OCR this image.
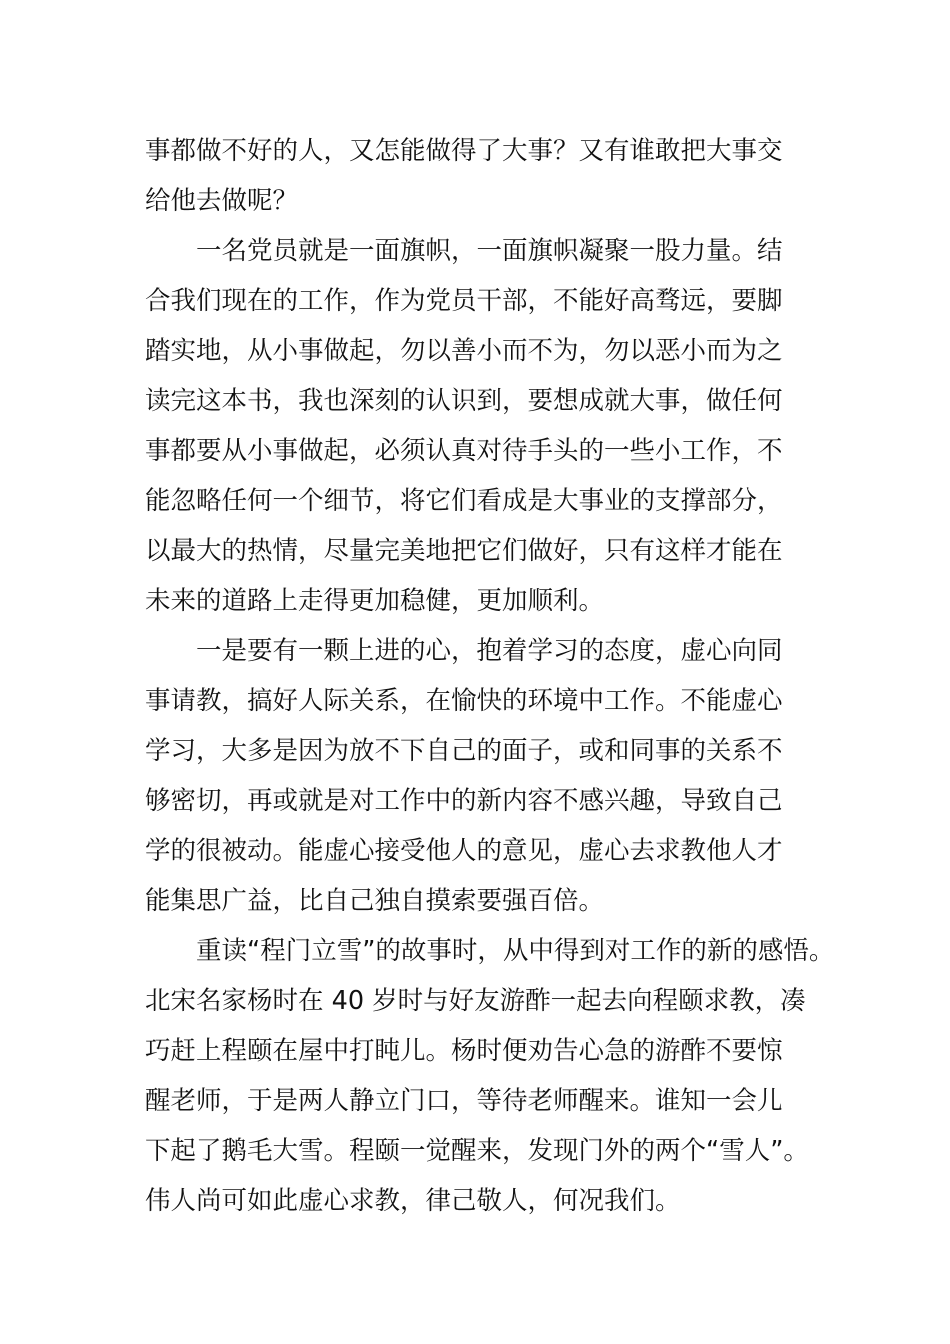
事都做不好的人，又怎能做得了大事？又有谁敢把大事交
给他去做呢？
一名党员就是一面旗帜，一面旗帜凝聚一股力量。结
合我们现在的工作，作为党员干部，不能好高骛远，要脚
踏实地，从小事做起，勿以善小而不为，勿以恶小而为之
读完这本书，我也深刻的认识到，要想成就大事，做任何
事都要从小事做起，必须认真对待手头的一些小工作，不
能忽略任何一个细节，将它们看成是大事业的支撑部分，
以最大的热情，尽量完美地把它们做好，只有这样才能在
未来的道路上走得更加稳健，更加顺利。
一是要有一颗上进的心，抱着学习的态度，虚心向同
事请教，搞好人际关系，在愉快的环境中工作。不能虚心
学习，大多是因为放不下自己的面子，或和同事的关系不
够密切，再或就是对工作中的新内容不感兴趣，导致自己
学的很被动。能虚心接受他人的意见，虚心去求教他人才
能集思广益，比自己独自摸索要强百倍。
重读“程门立雪”的故事时，从中得到对工作的新的感悟。
北宋名家杨时在 40 岁时与好友游酢一起去向程颐求教，凑
巧赶上程颐在屋中打盹儿。杨时便劝告心急的游酢不要惊
醒老师，于是两人静立门口，等待老师醒来。谁知一会儿
下起了鹅毛大雪。程颐一觉醒来，发现门外的两个“雪人”。
伟人尚可如此虚心求教，律己敬人，何况我们。
